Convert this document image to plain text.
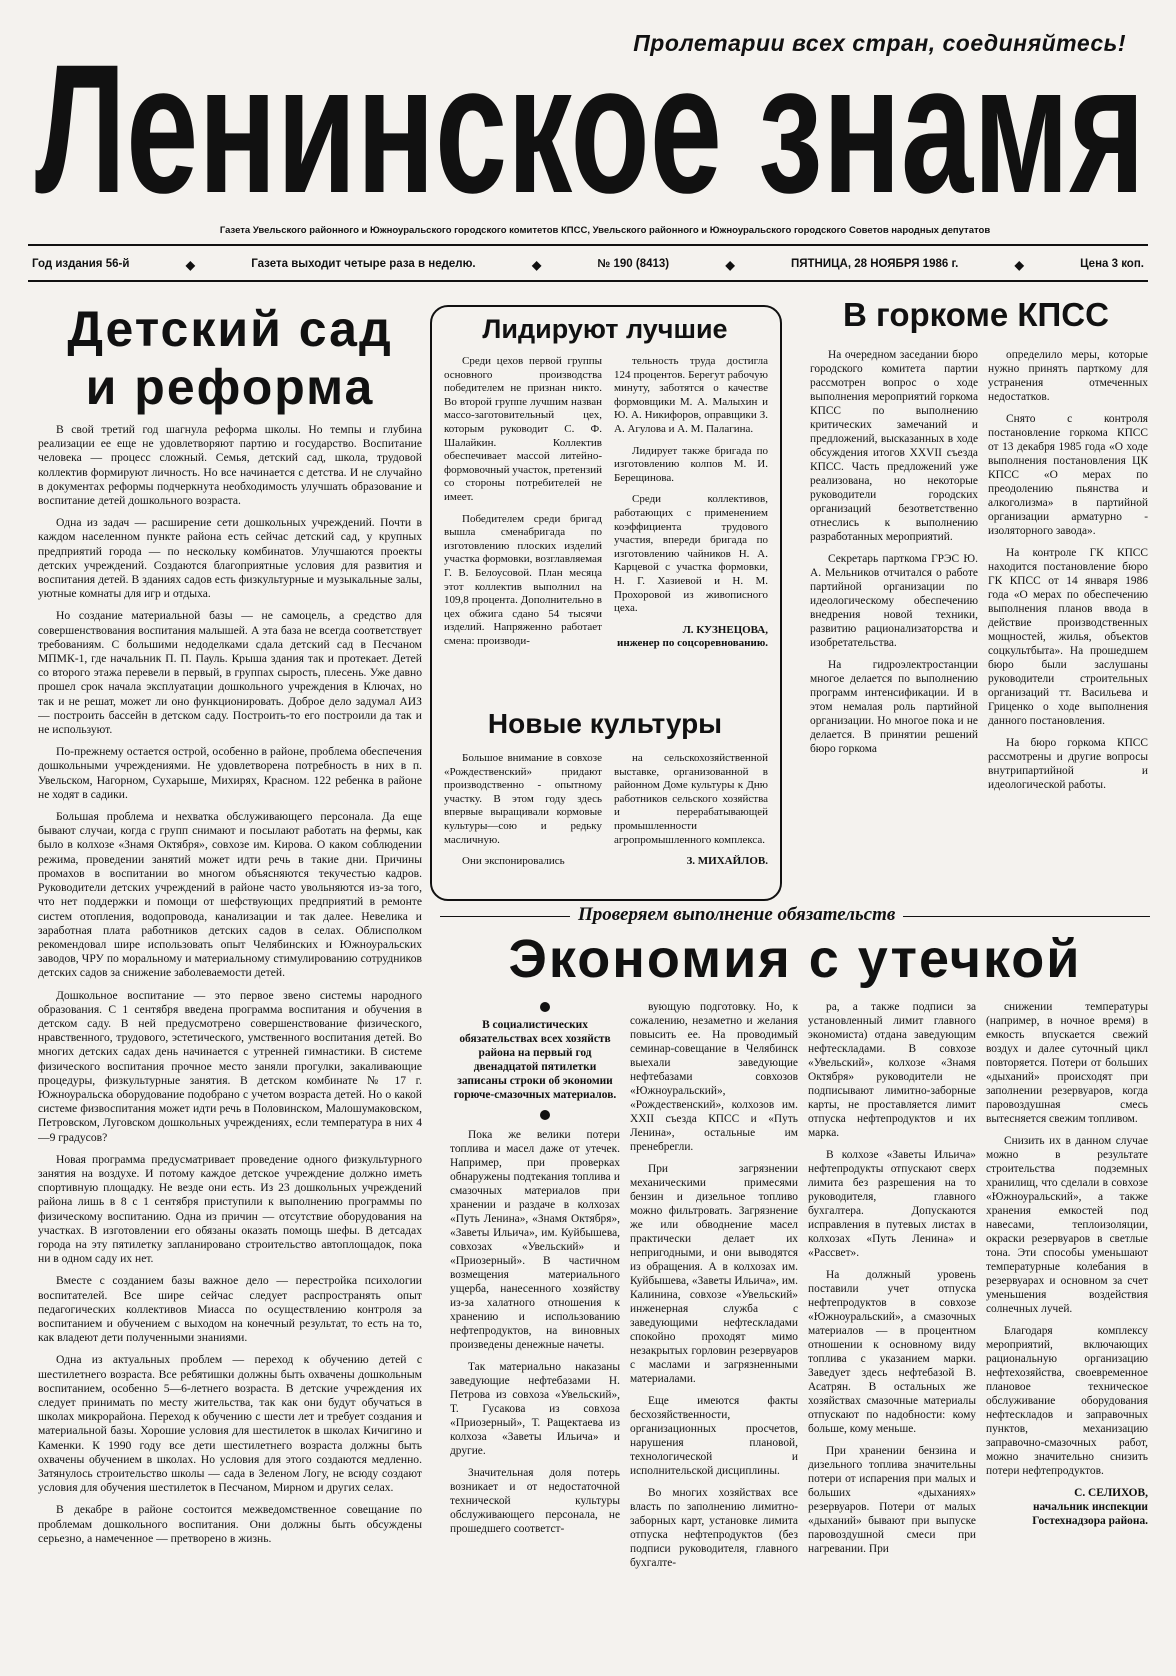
Пролетарии всех стран, соединяйтесь!
Ленинское знамя
Газета Увельского районного и Южноуральского городского комитетов КПСС, Увельского районного и Южноуральского городского Советов народных депутатов
Год издания 56-й	◆	Газета выходит четыре раза в неделю.	◆	№ 190 (8413)	◆	ПЯТНИЦА, 28 НОЯБРЯ 1986 г.	◆	Цена 3 коп.
Детский сад
и реформа

В свой третий год шагнула реформа школы. Но темпы и глубина реализации ее еще не удовлетворяют партию и государство. Воспитание человека — процесс сложный. Семья, детский сад, школа, трудовой коллектив формируют личность. Но все начинается с детства. И не случайно в документах реформы подчеркнута необходимость улучшать образование и воспитание детей дошкольного возраста.

Одна из задач — расширение сети дошкольных учреждений. Почти в каждом населенном пункте района есть сейчас детский сад, у крупных предприятий города — по нескольку комбинатов. Улучшаются проекты детских учреждений. Создаются благоприятные условия для развития и воспитания детей. В зданиях садов есть физкультурные и музыкальные залы, уютные комнаты для игр и отдыха.

Но создание материальной базы — не самоцель, а средство для совершенствования воспитания малышей. А эта база не всегда соответствует требованиям. С большими недоделками сдала детский сад в Песчаном МПМК-1, где начальник П. П. Пауль. Крыша здания так и протекает. Детей со второго этажа перевели в первый, в группах сырость, плесень. Уже давно прошел срок начала эксплуатации дошкольного учреждения в Ключах, но так и не решат, может ли оно функционировать. Доброе дело задумал АИЗ — построить бассейн в детском саду. Построить-то его построили да так и не используют.

По-прежнему остается острой, особенно в районе, проблема обеспечения дошкольными учреждениями. Не удовлетворена потребность в них в п. Увельском, Нагорном, Сухарыше, Михирях, Красном. 122 ребенка в районе не ходят в садики.

Большая проблема и нехватка обслуживающего персонала. Да еще бывают случаи, когда с групп снимают и посылают работать на фермы, как было в колхозе «Знамя Октября», совхозе им. Кирова. О каком соблюдении режима, проведении занятий может идти речь в такие дни. Причины промахов в воспитании во многом объясняются текучестью кадров. Руководители детских учреждений в районе часто увольняются из-за того, что нет поддержки и помощи от шефствующих предприятий в ремонте систем отопления, водопровода, канализации и так далее. Невелика и заработная плата работников детских садов в селах. Облисполком рекомендовал шире использовать опыт Челябинских и Южноуральских заводов, ЧРУ по моральному и материальному стимулированию сотрудников детских садов за снижение заболеваемости детей.

Дошкольное воспитание — это первое звено системы народного образования. С 1 сентября введена программа воспитания и обучения в детском саду. В ней предусмотрено совершенствование физического, нравственного, трудового, эстетического, умственного воспитания детей. Во многих детских садах день начинается с утренней гимнастики. В системе физического воспитания прочное место заняли прогулки, закаливающие процедуры, физкультурные занятия. В детском комбинате № 17 г. Южноуральска оборудование подобрано с учетом возраста детей. Но о какой системе физвоспитания может идти речь в Половинском, Малошумаковском, Петровском, Луговском дошкольных учреждениях, если температура в них 4—9 градусов?

Новая программа предусматривает проведение одного физкультурного занятия на воздухе. И потому каждое детское учреждение должно иметь спортивную площадку. Не везде они есть. Из 23 дошкольных учреждений района лишь в 8 с 1 сентября приступили к выполнению программы по физическому воспитанию. Одна из причин — отсутствие оборудования на участках. В изготовлении его обязаны оказать помощь шефы. В детсадах города на эту пятилетку запланировано строительство автоплощадок, пока ни в одном саду их нет.

Вместе с созданием базы важное дело — перестройка психологии воспитателей. Все шире сейчас следует распространять опыт педагогических коллективов Миасса по осуществлению контроля за воспитанием и обучением с выходом на конечный результат, то есть на то, как владеют дети полученными знаниями.

Одна из актуальных проблем — переход к обучению детей с шестилетнего возраста. Все ребятишки должны быть охвачены дошкольным воспитанием, особенно 5—6-летнего возраста. В детские учреждения их следует принимать по месту жительства, так как они будут обучаться в школах микрорайона. Переход к обучению с шести лет и требует создания и материальной базы. Хорошие условия для шестилеток в школах Кичигино и Каменки. К 1990 году все дети шестилетнего возраста должны быть охвачены обучением в школах. Но условия для этого создаются медленно. Затянулось строительство школы — сада в Зеленом Логу, не всюду создают условия для обучения шестилеток в Песчаном, Мирном и других селах.

В декабре в районе состоится межведомственное совещание по проблемам дошкольного воспитания. Они должны быть обсуждены серьезно, а намеченное — претворено в жизнь.

Лидируют лучшие

Среди цехов первой группы основного производства победителем не признан никто. Во второй группе лучшим назван массо-заготовительный цех, которым руководит С. Ф. Шалайкин. Коллектив обеспечивает массой литейно-формовочный участок, претензий со стороны потребителей не имеет.

Победителем среди бригад вышла сменабригада по изготовлению плоских изделий участка формовки, возглавляемая Г. В. Белоусовой. План месяца этот коллектив выполнил на 109,8 процента. Дополнительно в цех обжига сдано 54 тысячи изделий. Напряженно работает смена: производи-

тельность труда достигла 124 процентов. Берегут рабочую минуту, заботятся о качестве формовщики М. А. Малыхин и Ю. А. Никифоров, оправщики З. А. Агулова и А. М. Палагина.

Лидирует также бригада по изготовлению колпов М. И. Берещинова.

Среди коллективов, работающих с применением коэффициента трудового участия, впереди бригада по изготовлению чайников Н. А. Карцевой с участка формовки, Н. Г. Хазиевой и Н. М. Прохоровой из живописного цеха.

Л. КУЗНЕЦОВА,

инженер по соцсоревнованию.

Новые культуры

Большое внимание в совхозе «Рождественский» придают производственно - опытному участку. В этом году здесь впервые выращивали кормовые культуры—сою и редьку масличную.

Они экспонировались

на сельскохозяйственной выставке, организованной в районном Доме культуры к Дню работников сельского хозяйства и перерабатывающей промышленности агропромышленного комплекса.

З. МИХАЙЛОВ.

В горкоме КПСС

На очередном заседании бюро городского комитета партии рассмотрен вопрос о ходе выполнения мероприятий горкома КПСС по выполнению критических замечаний и предложений, высказанных в ходе обсуждения итогов XXVII съезда КПСС. Часть предложений уже реализована, но некоторые руководители городских организаций безответственно отнеслись к выполнению разработанных мероприятий.

Секретарь парткома ГРЭС Ю. А. Мельников отчитался о работе партийной организации по идеологическому обеспечению внедрения новой техники, развитию рационализаторства и изобретательства.

На гидроэлектростанции многое делается по выполнению программ интенсификации. И в этом немалая роль партийной организации. Но многое пока и не делается. В принятии решений бюро горкома

определило меры, которые нужно принять парткому для устранения отмеченных недостатков.

Снято с контроля постановление горкома КПСС от 13 декабря 1985 года «О ходе выполнения постановления ЦК КПСС «О мерах по преодолению пьянства и алкоголизма» в партийной организации арматурно - изоляторного завода».

На контроле ГК КПСС находится постановление бюро ГК КПСС от 14 января 1986 года «О мерах по обеспечению выполнения планов ввода в действие производственных мощностей, жилья, объектов соцкультбыта». На прошедшем бюро были заслушаны руководители строительных организаций тт. Васильева и Гриценко о ходе выполнения данного постановления.

На бюро горкома КПСС рассмотрены и другие вопросы внутрипартийной и идеологической работы.

Проверяем выполнение обязательств
Экономия с утечкой

В социалистических обязательствах всех хозяйств района на первый год двенадцатой пятилетки записаны строки об экономии горюче-смазочных материалов.

Пока же велики потери топлива и масел даже от утечек. Например, при проверках обнаружены подтекания топлива и смазочных материалов при хранении и раздаче в колхозах «Путь Ленина», «Знамя Октября», «Заветы Ильича», им. Куйбышева, совхозах «Увельский» и «Приозерный». В частичном возмещения материального ущерба, нанесенного хозяйству из-за халатного отношения к хранению и использованию нефтепродуктов, на виновных произведены денежные начеты.

Так материально наказаны заведующие нефтебазами Н. Петрова из совхоза «Увельский», Т. Гусакова из совхоза «Приозерный», Т. Ращектаева из колхоза «Заветы Ильича» и другие.

Значительная доля потерь возникает и от недостаточной технической культуры обслуживающего персонала, не прошедшего соответст-

вующую подготовку. Но, к сожалению, незаметно и желания повысить ее. На проводимый семинар-совещание в Челябинск выехали заведующие нефтебазами совхозов «Южноуральский», «Рождественский», колхозов им. XXII съезда КПСС и «Путь Ленина», остальные им пренебрегли.

При загрязнении механическими примесями бензин и дизельное топливо можно фильтровать. Загрязнение же или обводнение масел практически делает их непригодными, и они выводятся из обращения. А в колхозах им. Куйбышева, «Заветы Ильича», им. Калинина, совхозе «Увельский» инженерная служба с заведующими нефтескладами спокойно проходят мимо незакрытых горловин резервуаров с маслами и загрязненными материалами.

Еще имеются факты бесхозяйственности, организационных просчетов, нарушения плановой, технологической и исполнительской дисциплины.

Во многих хозяйствах все власть по заполнению лимитно-заборных карт, установке лимита отпуска нефтепродуктов (без подписи руководителя, главного бухгалте-

ра, а также подписи за установленный лимит главного экономиста) отдана заведующим нефтескладами. В совхозе «Увельский», колхозе «Знамя Октября» руководители не подписывают лимитно-заборные карты, не проставляется лимит отпуска нефтепродуктов и их марка.

В колхозе «Заветы Ильича» нефтепродукты отпускают сверх лимита без разрешения на то руководителя, главного бухгалтера. Допускаются исправления в путевых листах в колхозах «Путь Ленина» и «Рассвет».

На должный уровень поставили учет отпуска нефтепродуктов в совхозе «Южноуральский», а смазочных материалов — в процентном отношении к основному виду топлива с указанием марки. Заведует здесь нефтебазой В. Асатрян. В остальных же хозяйствах смазочные материалы отпускают по надобности: кому больше, кому меньше.

При хранении бензина и дизельного топлива значительны потери от испарения при малых и больших «дыханиях» резервуаров. Потери от малых «дыханий» бывают при выпуске паровоздушной смеси при нагревании. При

снижении температуры (например, в ночное время) в емкость впускается свежий воздух и далее суточный цикл повторяется. Потери от больших «дыханий» происходят при заполнении резервуаров, когда паровоздушная смесь вытесняется свежим топливом.

Снизить их в данном случае можно в результате строительства подземных хранилищ, что сделали в совхозе «Южноуральский», а также хранения емкостей под навесами, теплоизоляции, окраски резервуаров в светлые тона. Эти способы уменьшают температурные колебания в резервуарах и основном за счет уменьшения воздействия солнечных лучей.

Благодаря комплексу мероприятий, включающих рациональную организацию нефтехозяйства, своевременное плановое техническое обслуживание оборудования нефтескладов и заправочных пунктов, механизацию заправочно-смазочных работ, можно значительно снизить потери нефтепродуктов.

С. СЕЛИХОВ,

начальник инспекции Гостехнадзора района.
